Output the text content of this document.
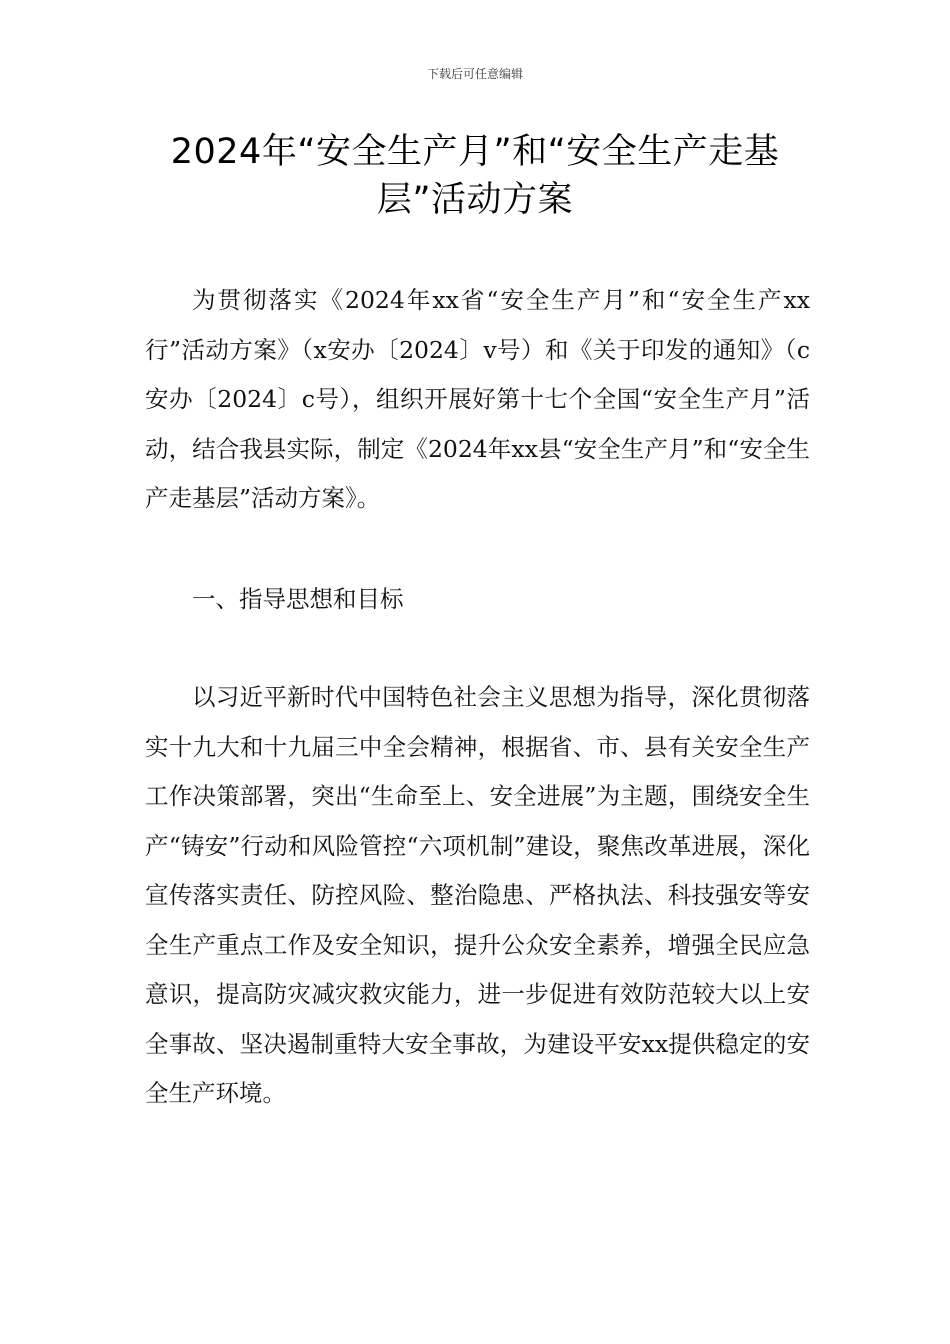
下载后可任意编辑
2024年“安全生产月”和“安全生产走基
层”活动方案

为贯彻落实《2024年xx省“安全生产月”和“安全生产xx行”活动方案》（x安办〔2024〕v号）和《关于印发的通知》（c安办〔2024〕c号），组织开展好第十七个全国“安全生产月”活动，结合我县实际，制定《2024年xx县“安全生产月”和“安全生产走基层”活动方案》。

一、指导思想和目标

以习近平新时代中国特色社会主义思想为指导，深化贯彻落实十九大和十九届三中全会精神，根据省、市、县有关安全生产工作决策部署，突出“生命至上、安全进展”为主题，围绕安全生产“铸安”行动和风险管控“六项机制”建设，聚焦改革进展，深化宣传落实责任、防控风险、整治隐患、严格执法、科技强安等安全生产重点工作及安全知识，提升公众安全素养，增强全民应急意识，提高防灾减灾救灾能力，进一步促进有效防范较大以上安全事故、坚决遏制重特大安全事故，为建设平安xx提供稳定的安全生产环境。
